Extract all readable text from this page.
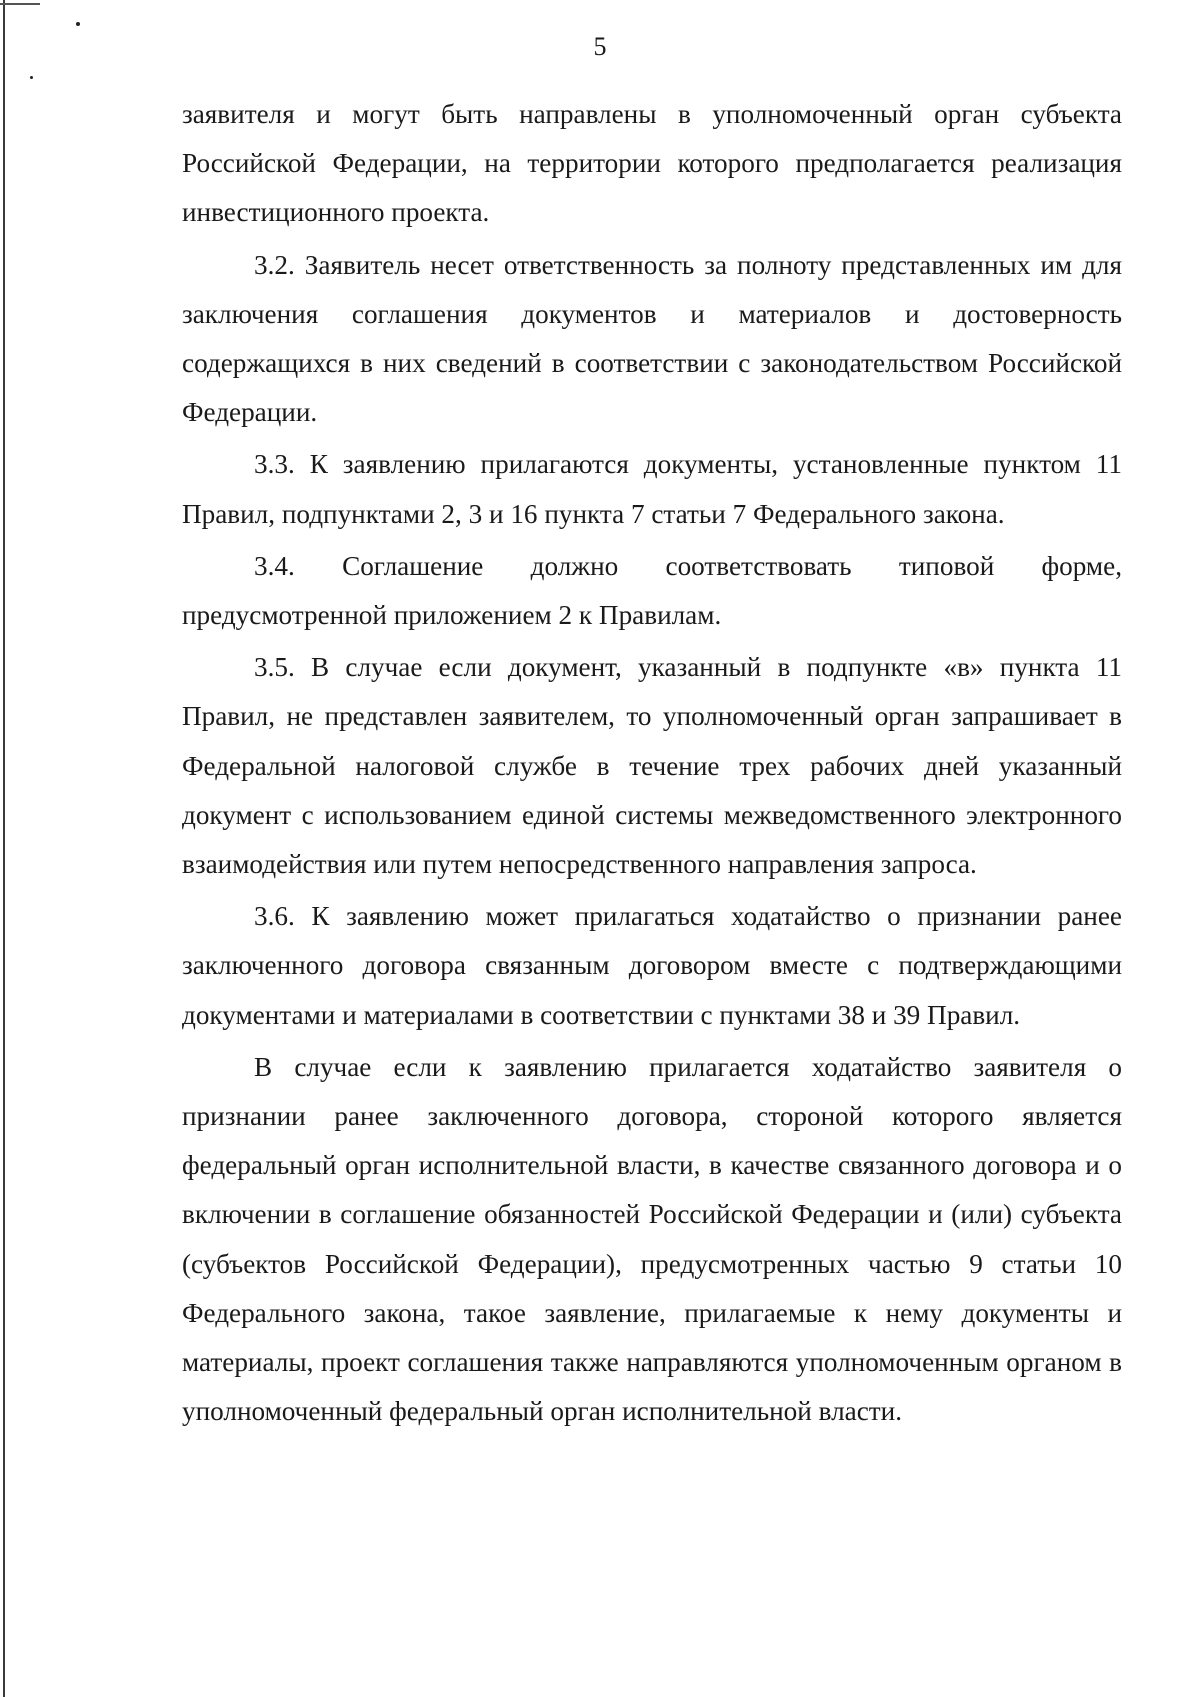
5

заявителя и могут быть направлены в уполномоченный орган субъекта Российской Федерации, на территории которого предполагается реализация инвестиционного проекта.

3.2. Заявитель несет ответственность за полноту представленных им для заключения соглашения документов и материалов и достоверность содержащихся в них сведений в соответствии с законодательством Российской Федерации.

3.3. К заявлению прилагаются документы, установленные пунктом 11 Правил, подпунктами 2, 3 и 16 пункта 7 статьи 7 Федерального закона.

3.4. Соглашение должно соответствовать типовой форме, предусмотренной приложением 2 к Правилам.

3.5. В случае если документ, указанный в подпункте «в» пункта 11 Правил, не представлен заявителем, то уполномоченный орган запрашивает в Федеральной налоговой службе в течение трех рабочих дней указанный документ с использованием единой системы межведомственного электронного взаимодействия или путем непосредственного направления запроса.

3.6. К заявлению может прилагаться ходатайство о признании ранее заключенного договора связанным договором вместе с подтверждающими документами и материалами в соответствии с пунктами 38 и 39 Правил.

В случае если к заявлению прилагается ходатайство заявителя о признании ранее заключенного договора, стороной которого является федеральный орган исполнительной власти, в качестве связанного договора и о включении в соглашение обязанностей Российской Федерации и (или) субъекта (субъектов Российской Федерации), предусмотренных частью 9 статьи 10 Федерального закона, такое заявление, прилагаемые к нему документы и материалы, проект соглашения также направляются уполномоченным органом в уполномоченный федеральный орган исполнительной власти.
